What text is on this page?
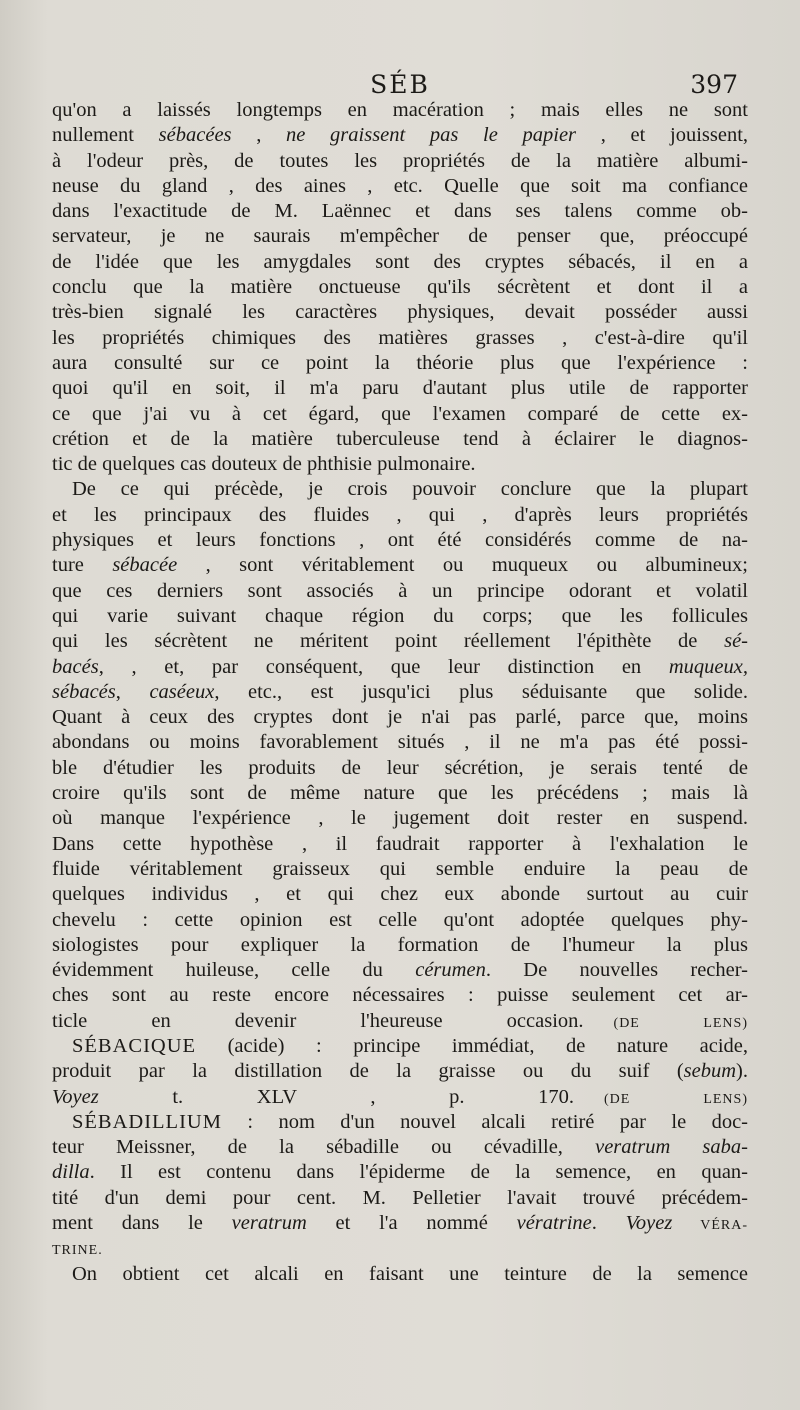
SÉB	397
qu'on a laissés longtemps en macération ; mais elles ne sont
nullement sébacées , ne graissent pas le papier , et jouissent,
à l'odeur près, de toutes les propriétés de la matière albumi-
neuse du gland , des aines , etc. Quelle que soit ma confiance
dans l'exactitude de M. Laënnec et dans ses talens comme ob-
servateur, je ne saurais m'empêcher de penser que, préoccupé
de l'idée que les amygdales sont des cryptes sébacés, il en a
conclu que la matière onctueuse qu'ils sécrètent et dont il a
très-bien signalé les caractères physiques, devait posséder aussi
les propriétés chimiques des matières grasses , c'est-à-dire qu'il
aura consulté sur ce point la théorie plus que l'expérience :
quoi qu'il en soit, il m'a paru d'autant plus utile de rapporter
ce que j'ai vu à cet égard, que l'examen comparé de cette ex-
crétion et de la matière tuberculeuse tend à éclairer le diagnos-
tic de quelques cas douteux de phthisie pulmonaire.
De ce qui précède, je crois pouvoir conclure que la plupart
et les principaux des fluides , qui , d'après leurs propriétés
physiques et leurs fonctions , ont été considérés comme de na-
ture sébacée , sont véritablement ou muqueux ou albumineux;
que ces derniers sont associés à un principe odorant et volatil
qui varie suivant chaque région du corps; que les follicules
qui les sécrètent ne méritent point réellement l'épithète de sé-
bacés, , et, par conséquent, que leur distinction en muqueux,
sébacés, caséeux, etc., est jusqu'ici plus séduisante que solide.
Quant à ceux des cryptes dont je n'ai pas parlé, parce que, moins
abondans ou moins favorablement situés , il ne m'a pas été possi-
ble d'étudier les produits de leur sécrétion, je serais tenté de
croire qu'ils sont de même nature que les précédens ; mais là
où manque l'expérience , le jugement doit rester en suspend.
Dans cette hypothèse , il faudrait rapporter à l'exhalation le
fluide véritablement graisseux qui semble enduire la peau de
quelques individus , et qui chez eux abonde surtout au cuir
chevelu : cette opinion est celle qu'ont adoptée quelques phy-
siologistes pour expliquer la formation de l'humeur la plus
évidemment huileuse, celle du cérumen. De nouvelles recher-
ches sont au reste encore nécessaires : puisse seulement cet ar-
ticle en devenir l'heureuse occasion. (DE LENS)
SÉBACIQUE (acide) : principe immédiat, de nature acide,
produit par la distillation de la graisse ou du suif (sebum).
Voyez t. XLV , p. 170. (DE LENS)
SÉBADILLIUM : nom d'un nouvel alcali retiré par le doc-
teur Meissner, de la sébadille ou cévadille, veratrum saba-
dilla. Il est contenu dans l'épiderme de la semence, en quan-
tité d'un demi pour cent. M. Pelletier l'avait trouvé précédem-
ment dans le veratrum et l'a nommé vératrine. Voyez VÉRA-
TRINE.
On obtient cet alcali en faisant une teinture de la semence
